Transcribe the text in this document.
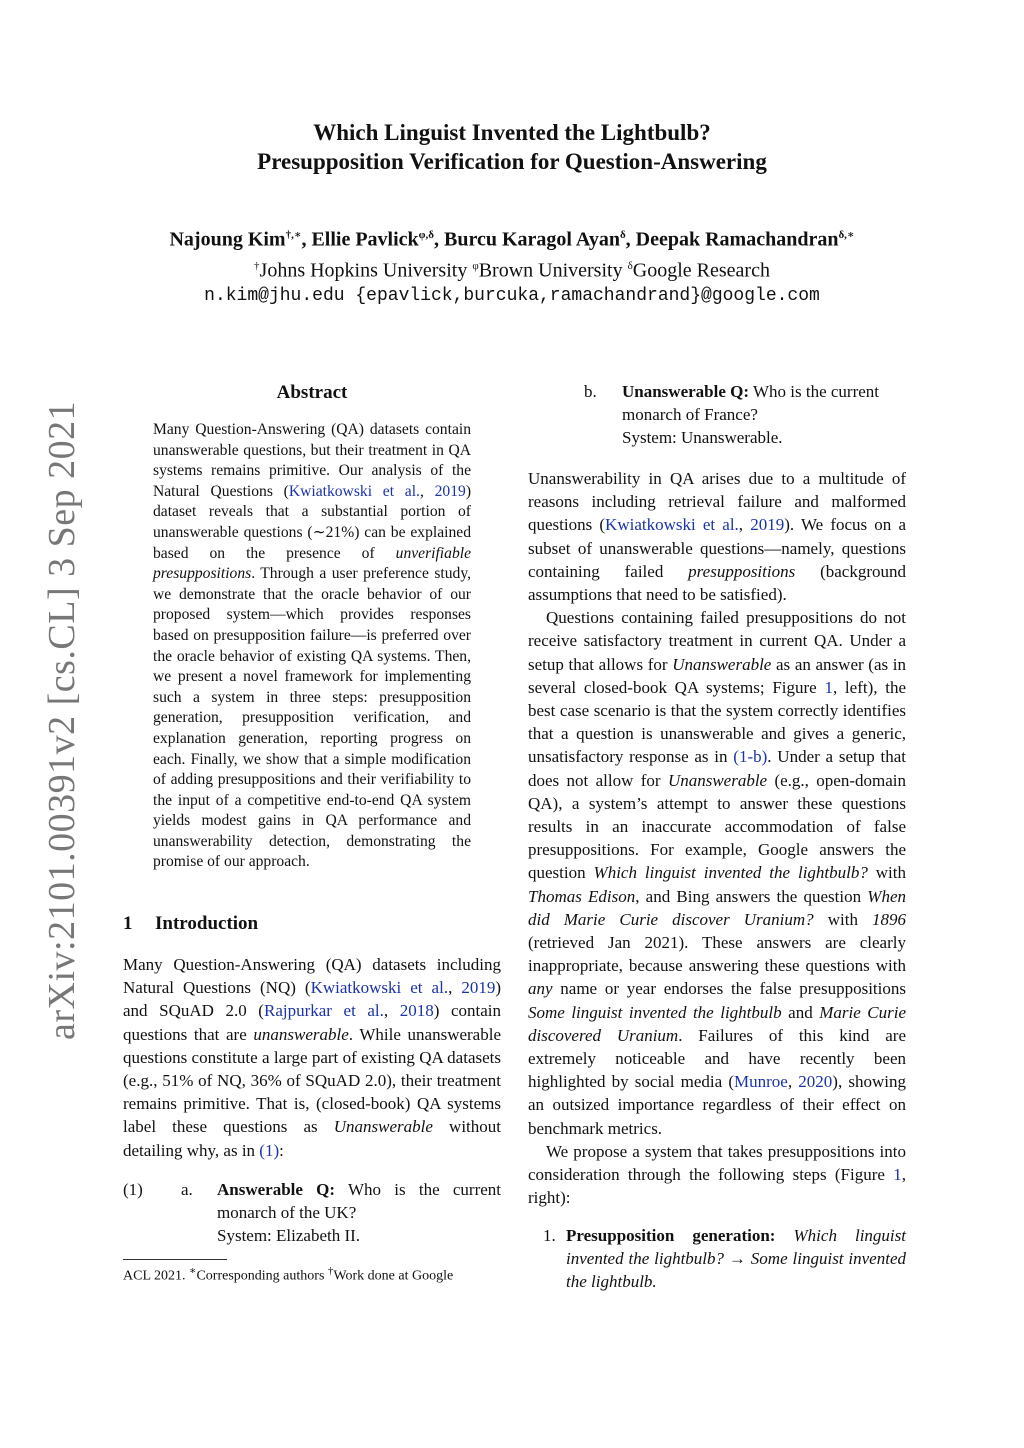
arXiv:2101.00391v2 [cs.CL] 3 Sep 2021
Which Linguist Invented the Lightbulb?
Presupposition Verification for Question-Answering
Najoung Kim†,∗, Ellie Pavlick$^{\varphi,\delta}$, Burcu Karagol Ayan$^\delta$, Deepak Ramachandran$^{\delta,∗}$
†Johns Hopkins University $^\varphi$Brown University $^\delta$Google Research
n.kim@jhu.edu {epavlick,burcuka,ramachandrand}@google.com
Abstract
Many Question-Answering (QA) datasets contain unanswerable questions, but their treatment in QA systems remains primitive. Our analysis of the Natural Questions (Kwiatkowski et al., 2019) dataset reveals that a substantial portion of unanswerable questions (∼21%) can be explained based on the presence of unverifiable presuppositions. Through a user preference study, we demonstrate that the oracle behavior of our proposed system—which provides responses based on presupposition failure—is preferred over the oracle behavior of existing QA systems. Then, we present a novel framework for implementing such a system in three steps: presupposition generation, presupposition verification, and explanation generation, reporting progress on each. Finally, we show that a simple modification of adding presuppositions and their verifiability to the input of a competitive end-to-end QA system yields modest gains in QA performance and unanswerability detection, demonstrating the promise of our approach.
1 Introduction

Many Question-Answering (QA) datasets including Natural Questions (NQ) (Kwiatkowski et al., 2019) and SQuAD 2.0 (Rajpurkar et al., 2018) contain questions that are unanswerable. While unanswerable questions constitute a large part of existing QA datasets (e.g., 51% of NQ, 36% of SQuAD 2.0), their treatment remains primitive. That is, (closed-book) QA systems label these questions as Unanswerable without detailing why, as in (1):

(1) a. Answerable Q: Who is the current monarch of the UK?
System: Elizabeth II.
ACL 2021. ∗Corresponding authors †Work done at Google
b. Unanswerable Q: Who is the current monarch of France?
System: Unanswerable.

Unanswerability in QA arises due to a multitude of reasons including retrieval failure and malformed questions (Kwiatkowski et al., 2019). We focus on a subset of unanswerable questions—namely, questions containing failed presuppositions (background assumptions that need to be satisfied).

Questions containing failed presuppositions do not receive satisfactory treatment in current QA. Under a setup that allows for Unanswerable as an answer (as in several closed-book QA systems; Figure 1, left), the best case scenario is that the system correctly identifies that a question is unanswerable and gives a generic, unsatisfactory response as in (1-b). Under a setup that does not allow for Unanswerable (e.g., open-domain QA), a system’s attempt to answer these questions results in an inaccurate accommodation of false presuppositions. For example, Google answers the question Which linguist invented the lightbulb? with Thomas Edison, and Bing answers the question When did Marie Curie discover Uranium? with 1896 (retrieved Jan 2021). These answers are clearly inappropriate, because answering these questions with any name or year endorses the false presuppositions Some linguist invented the lightbulb and Marie Curie discovered Uranium. Failures of this kind are extremely noticeable and have recently been highlighted by social media (Munroe, 2020), showing an outsized importance regardless of their effect on benchmark metrics.

We propose a system that takes presuppositions into consideration through the following steps (Figure 1, right):

1. Presupposition generation: Which linguist invented the lightbulb? → Some linguist invented the lightbulb.
